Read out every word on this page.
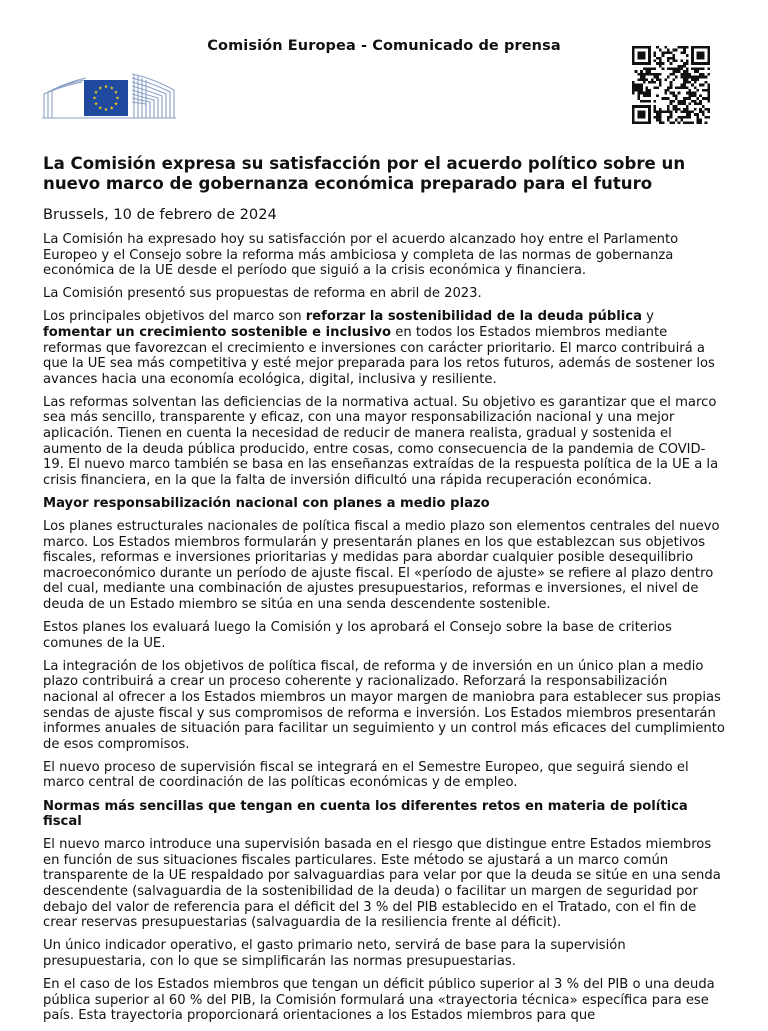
Comisión Europea - Comunicado de prensa
La Comisión expresa su satisfacción por el acuerdo político sobre un nuevo marco de gobernanza económica preparado para el futuro
Brussels, 10 de febrero de 2024

La Comisión ha expresado hoy su satisfacción por el acuerdo alcanzado hoy entre el Parlamento Europeo y el Consejo sobre la reforma más ambiciosa y completa de las normas de gobernanza económica de la UE desde el período que siguió a la crisis económica y financiera.

La Comisión presentó sus propuestas de reforma en abril de 2023.

Los principales objetivos del marco son reforzar la sostenibilidad de la deuda pública y fomentar un crecimiento sostenible e inclusivo en todos los Estados miembros mediante reformas que favorezcan el crecimiento e inversiones con carácter prioritario. El marco contribuirá a que la UE sea más competitiva y esté mejor preparada para los retos futuros, además de sostener los avances hacia una economía ecológica, digital, inclusiva y resiliente.

Las reformas solventan las deficiencias de la normativa actual. Su objetivo es garantizar que el marco sea más sencillo, transparente y eficaz, con una mayor responsabilización nacional y una mejor aplicación. Tienen en cuenta la necesidad de reducir de manera realista, gradual y sostenida el aumento de la deuda pública producido, entre cosas, como consecuencia de la pandemia de COVID-19. El nuevo marco también se basa en las enseñanzas extraídas de la respuesta política de la UE a la crisis financiera, en la que la falta de inversión dificultó una rápida recuperación económica.

Mayor responsabilización nacional con planes a medio plazo

Los planes estructurales nacionales de política fiscal a medio plazo son elementos centrales del nuevo marco. Los Estados miembros formularán y presentarán planes en los que establezcan sus objetivos fiscales, reformas e inversiones prioritarias y medidas para abordar cualquier posible desequilibrio macroeconómico durante un período de ajuste fiscal. El «período de ajuste» se refiere al plazo dentro del cual, mediante una combinación de ajustes presupuestarios, reformas e inversiones, el nivel de deuda de un Estado miembro se sitúa en una senda descendente sostenible.

Estos planes los evaluará luego la Comisión y los aprobará el Consejo sobre la base de criterios comunes de la UE.

La integración de los objetivos de política fiscal, de reforma y de inversión en un único plan a medio plazo contribuirá a crear un proceso coherente y racionalizado. Reforzará la responsabilización nacional al ofrecer a los Estados miembros un mayor margen de maniobra para establecer sus propias sendas de ajuste fiscal y sus compromisos de reforma e inversión. Los Estados miembros presentarán informes anuales de situación para facilitar un seguimiento y un control más eficaces del cumplimiento de esos compromisos.

El nuevo proceso de supervisión fiscal se integrará en el Semestre Europeo, que seguirá siendo el marco central de coordinación de las políticas económicas y de empleo.

Normas más sencillas que tengan en cuenta los diferentes retos en materia de política fiscal

El nuevo marco introduce una supervisión basada en el riesgo que distingue entre Estados miembros en función de sus situaciones fiscales particulares. Este método se ajustará a un marco común transparente de la UE respaldado por salvaguardias para velar por que la deuda se sitúe en una senda descendente (salvaguardia de la sostenibilidad de la deuda) o facilitar un margen de seguridad por debajo del valor de referencia para el déficit del 3 % del PIB establecido en el Tratado, con el fin de crear reservas presupuestarias (salvaguardia de la resiliencia frente al déficit).

Un único indicador operativo, el gasto primario neto, servirá de base para la supervisión presupuestaria, con lo que se simplificarán las normas presupuestarias.

En el caso de los Estados miembros que tengan un déficit público superior al 3 % del PIB o una deuda pública superior al 60 % del PIB, la Comisión formulará una «trayectoria técnica» específica para ese país. Esta trayectoria proporcionará orientaciones a los Estados miembros para que
